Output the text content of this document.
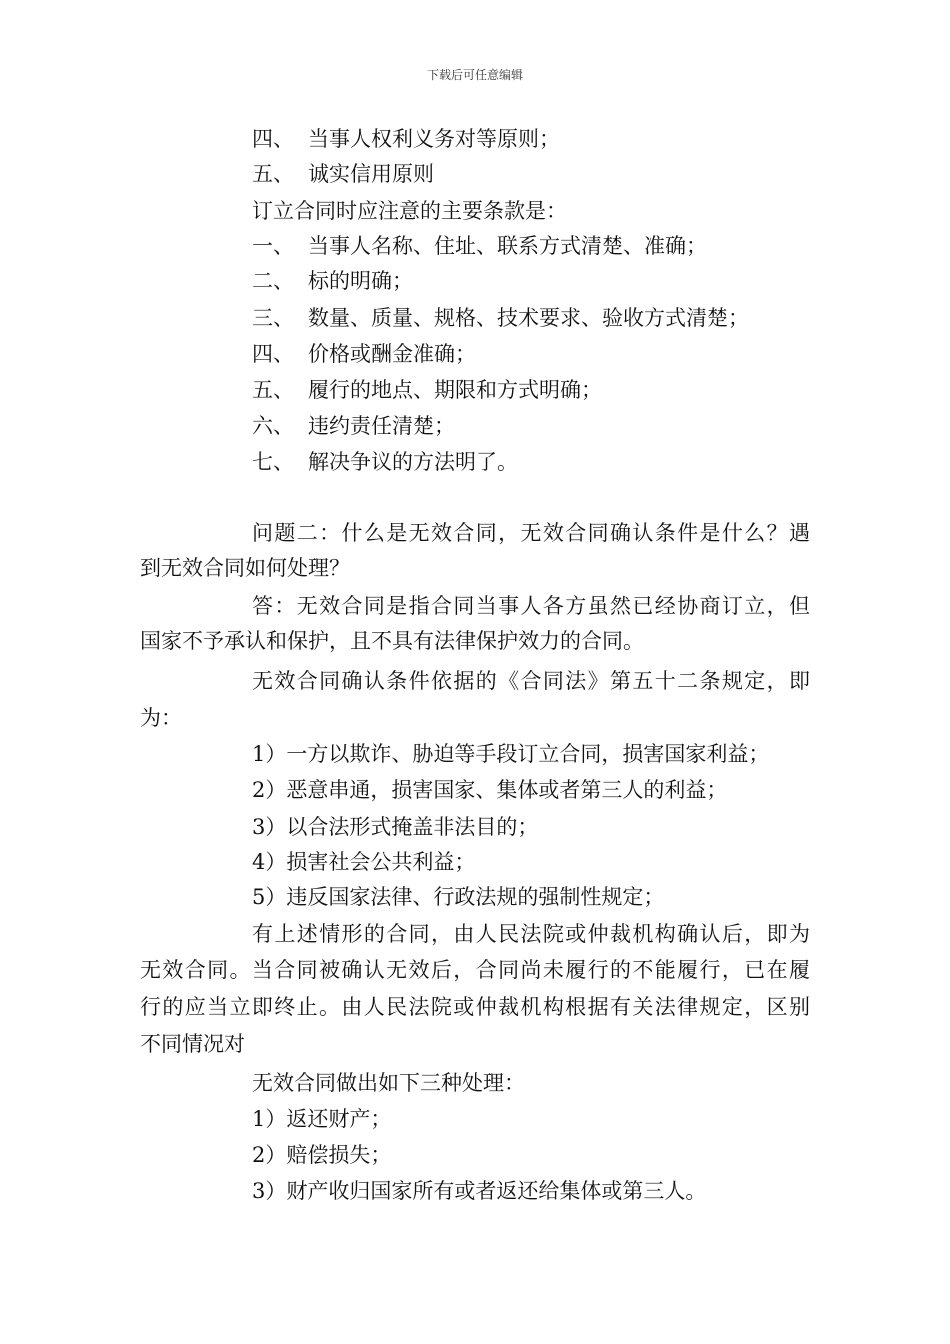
下载后可任意编辑
四、 当事人权利义务对等原则；
五、 诚实信用原则
订立合同时应注意的主要条款是：
一、 当事人名称、住址、联系方式清楚、准确；
二、 标的明确；
三、 数量、质量、规格、技术要求、验收方式清楚；
四、 价格或酬金准确；
五、 履行的地点、期限和方式明确；
六、 违约责任清楚；
七、 解决争议的方法明了。
问题二：什么是无效合同，无效合同确认条件是什么？遇
到无效合同如何处理？
答：无效合同是指合同当事人各方虽然已经协商订立，但
国家不予承认和保护，且不具有法律保护效力的合同。
无效合同确认条件依据的《合同法》第五十二条规定，即
为：
1）一方以欺诈、胁迫等手段订立合同，损害国家利益；
2）恶意串通，损害国家、集体或者第三人的利益；
3）以合法形式掩盖非法目的；
4）损害社会公共利益；
5）违反国家法律、行政法规的强制性规定；
有上述情形的合同，由人民法院或仲裁机构确认后，即为
无效合同。当合同被确认无效后，合同尚未履行的不能履行，已在履
行的应当立即终止。由人民法院或仲裁机构根据有关法律规定，区别
不同情况对
无效合同做出如下三种处理：
1）返还财产；
2）赔偿损失；
3）财产收归国家所有或者返还给集体或第三人。
